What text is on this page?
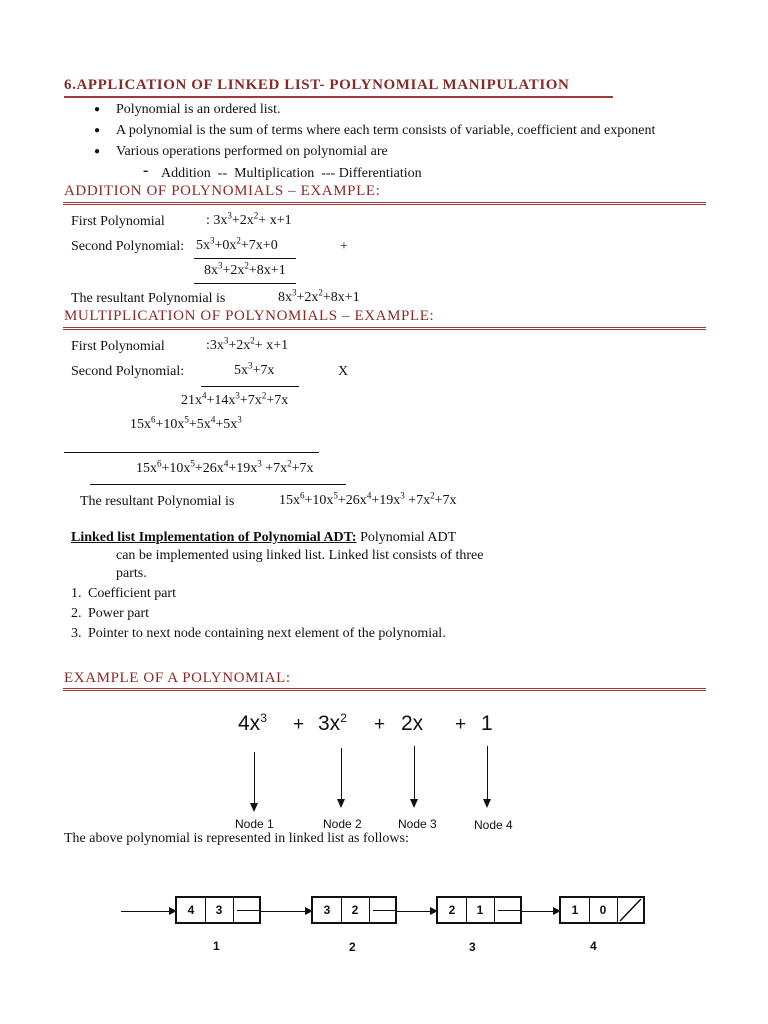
6.APPLICATION OF LINKED LIST- POLYNOMIAL MANIPULATION
● Polynomial is an ordered list.
● A polynomial is the sum of terms where each term consists of variable, coefficient and exponent
● Various operations performed on polynomial are
- Addition  --  Multiplication  --- Differentiation
ADDITION OF POLYNOMIALS – EXAMPLE:
First Polynomial	: $3x^3+2x^2+ x+1$
Second Polynomial: $5x^3+0x^2+7x+0$	+
$8x^3+2x^2+8x+1$
The resultant Polynomial is	$8x^3+2x^2+8x+1$
MULTIPLICATION OF POLYNOMIALS – EXAMPLE:
First Polynomial	$:3x^3+2x^2+ x+1$
Second Polynomial:	$5x^3+7x$	X
$21x^4+14x^3+7x^2+7x$
$15x^6+10x^5+5x^4+5x^3$
$15x^6+10x^5+26x^4+19x^3 +7x^2+7x$
The resultant Polynomial is	$15x^6+10x^5+26x^4+19x^3 +7x^2+7x$
Linked list Implementation of Polynomial ADT: Polynomial ADT
can be implemented using linked list. Linked list consists of three
parts.
1. Coefficient part
2. Power part
3. Pointer to next node containing next element of the polynomial.
EXAMPLE OF A POLYNOMIAL:
$4x^3 + 3x^2 + 2x + 1$
Node 1	Node 2	Node 3	Node 4
The above polynomial is represented in linked list as follows:
4	3	3	2	2	1	1	0
1	2	3	4
